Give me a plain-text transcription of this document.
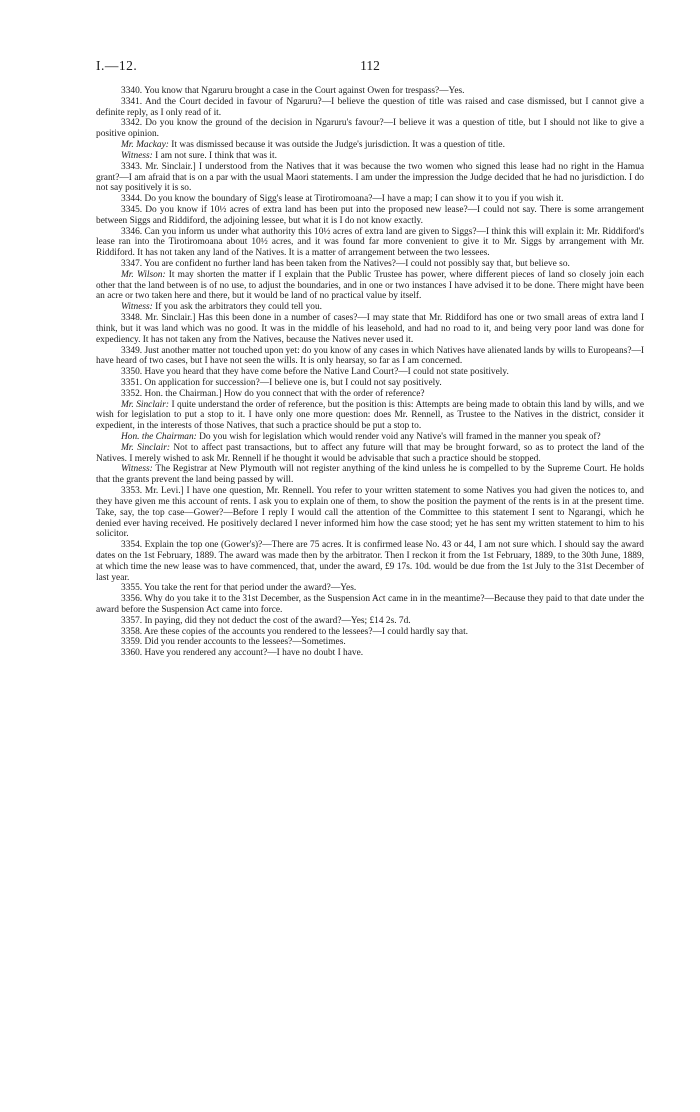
I.—12.	112

3340. You know that Ngaruru brought a case in the Court against Owen for trespass?—Yes.

3341. And the Court decided in favour of Ngaruru?—I believe the question of title was raised and case dismissed, but I cannot give a definite reply, as I only read of it.

3342. Do you know the ground of the decision in Ngaruru's favour?—I believe it was a question of title, but I should not like to give a positive opinion.

Mr. Mackay: It was dismissed because it was outside the Judge's jurisdiction. It was a question of title.

Witness: I am not sure. I think that was it.

3343. Mr. Sinclair.] I understood from the Natives that it was because the two women who signed this lease had no right in the Hamua grant?—I am afraid that is on a par with the usual Maori statements. I am under the impression the Judge decided that he had no jurisdiction. I do not say positively it is so.

3344. Do you know the boundary of Sigg's lease at Tirotiromoana?—I have a map; I can show it to you if you wish it.

3345. Do you know if 10½ acres of extra land has been put into the proposed new lease?—I could not say. There is some arrangement between Siggs and Riddiford, the adjoining lessee, but what it is I do not know exactly.

3346. Can you inform us under what authority this 10½ acres of extra land are given to Siggs?—I think this will explain it: Mr. Riddiford's lease ran into the Tirotiromoana about 10½ acres, and it was found far more convenient to give it to Mr. Siggs by arrangement with Mr. Riddiford. It has not taken any land of the Natives. It is a matter of arrangement between the two lessees.

3347. You are confident no further land has been taken from the Natives?—I could not possibly say that, but believe so.

Mr. Wilson: It may shorten the matter if I explain that the Public Trustee has power, where different pieces of land so closely join each other that the land between is of no use, to adjust the boundaries, and in one or two instances I have advised it to be done. There might have been an acre or two taken here and there, but it would be land of no practical value by itself.

Witness: If you ask the arbitrators they could tell you.

3348. Mr. Sinclair.] Has this been done in a number of cases?—I may state that Mr. Riddiford has one or two small areas of extra land I think, but it was land which was no good. It was in the middle of his leasehold, and had no road to it, and being very poor land was done for expediency. It has not taken any from the Natives, because the Natives never used it.

3349. Just another matter not touched upon yet: do you know of any cases in which Natives have alienated lands by wills to Europeans?—I have heard of two cases, but I have not seen the wills. It is only hearsay, so far as I am concerned.

3350. Have you heard that they have come before the Native Land Court?—I could not state positively.

3351. On application for succession?—I believe one is, but I could not say positively.

3352. Hon. the Chairman.] How do you connect that with the order of reference?

Mr. Sinclair: I quite understand the order of reference, but the position is this: Attempts are being made to obtain this land by wills, and we wish for legislation to put a stop to it. I have only one more question: does Mr. Rennell, as Trustee to the Natives in the district, consider it expedient, in the interests of those Natives, that such a practice should be put a stop to.

Hon. the Chairman: Do you wish for legislation which would render void any Native's will framed in the manner you speak of?

Mr. Sinclair: Not to affect past transactions, but to affect any future will that may be brought forward, so as to protect the land of the Natives. I merely wished to ask Mr. Rennell if he thought it would be advisable that such a practice should be stopped.

Witness: The Registrar at New Plymouth will not register anything of the kind unless he is compelled to by the Supreme Court. He holds that the grants prevent the land being passed by will.

3353. Mr. Levi.] I have one question, Mr. Rennell. You refer to your written statement to some Natives you had given the notices to, and they have given me this account of rents. I ask you to explain one of them, to show the position the payment of the rents is in at the present time. Take, say, the top case—Gower?—Before I reply I would call the attention of the Committee to this statement I sent to Ngarangi, which he denied ever having received. He positively declared I never informed him how the case stood; yet he has sent my written statement to him to his solicitor.

3354. Explain the top one (Gower's)?—There are 75 acres. It is confirmed lease No. 43 or 44, I am not sure which. I should say the award dates on the 1st February, 1889. The award was made then by the arbitrator. Then I reckon it from the 1st February, 1889, to the 30th June, 1889, at which time the new lease was to have commenced, that, under the award, £9 17s. 10d. would be due from the 1st July to the 31st December of last year.

3355. You take the rent for that period under the award?—Yes.

3356. Why do you take it to the 31st December, as the Suspension Act came in in the meantime?—Because they paid to that date under the award before the Suspension Act came into force.

3357. In paying, did they not deduct the cost of the award?—Yes; £14 2s. 7d.

3358. Are these copies of the accounts you rendered to the lessees?—I could hardly say that.

3359. Did you render accounts to the lessees?—Sometimes.

3360. Have you rendered any account?—I have no doubt I have.
